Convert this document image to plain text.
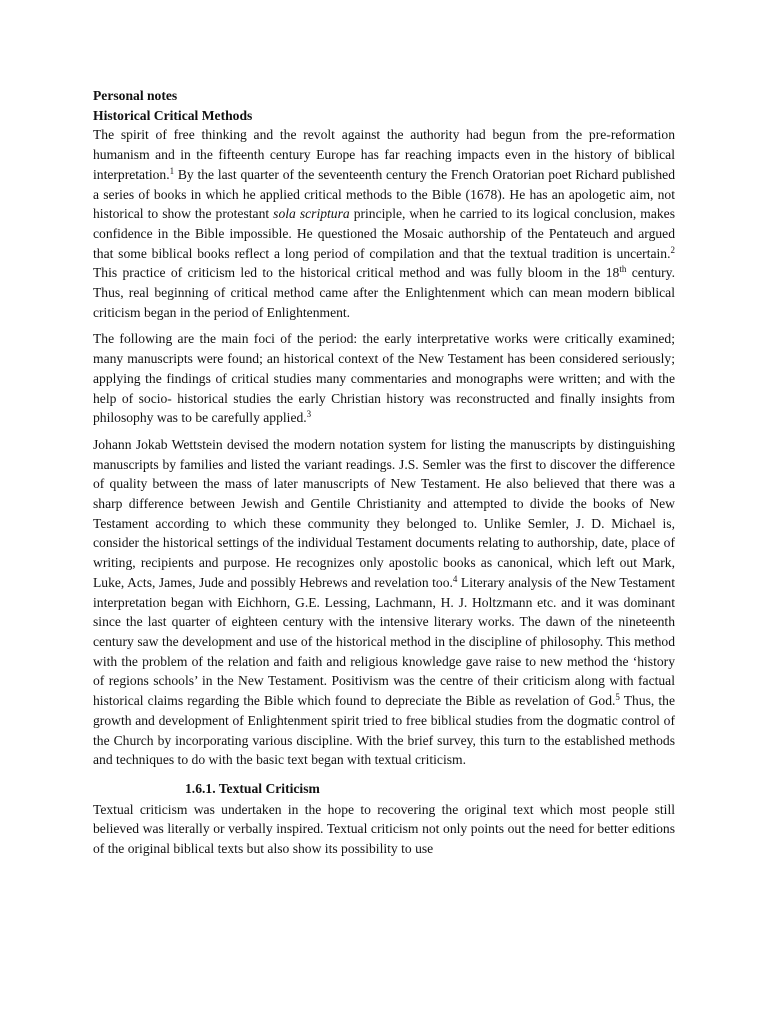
Personal notes
Historical Critical Methods

The spirit of free thinking and the revolt against the authority had begun from the pre-reformation humanism and in the fifteenth century Europe has far reaching impacts even in the history of biblical interpretation.$^1$ By the last quarter of the seventeenth century the French Oratorian poet Richard published a series of books in which he applied critical methods to the Bible (1678). He has an apologetic aim, not historical to show the protestant sola scriptura principle, when he carried to its logical conclusion, makes confidence in the Bible impossible. He questioned the Mosaic authorship of the Pentateuch and argued that some biblical books reflect a long period of compilation and that the textual tradition is uncertain.$^2$ This practice of criticism led to the historical critical method and was fully bloom in the 18th century. Thus, real beginning of critical method came after the Enlightenment which can mean modern biblical criticism began in the period of Enlightenment.

The following are the main foci of the period: the early interpretative works were critically examined; many manuscripts were found; an historical context of the New Testament has been considered seriously; applying the findings of critical studies many commentaries and monographs were written; and with the help of socio- historical studies the early Christian history was reconstructed and finally insights from philosophy was to be carefully applied.$^3$

Johann Jokab Wettstein devised the modern notation system for listing the manuscripts by distinguishing manuscripts by families and listed the variant readings. J.S. Semler was the first to discover the difference of quality between the mass of later manuscripts of New Testament. He also believed that there was a sharp difference between Jewish and Gentile Christianity and attempted to divide the books of New Testament according to which these community they belonged to. Unlike Semler, J. D. Michael is, consider the historical settings of the individual Testament documents relating to authorship, date, place of writing, recipients and purpose. He recognizes only apostolic books as canonical, which left out Mark, Luke, Acts, James, Jude and possibly Hebrews and revelation too.$^4$ Literary analysis of the New Testament interpretation began with Eichhorn, G.E. Lessing, Lachmann, H. J. Holtzmann etc. and it was dominant since the last quarter of eighteen century with the intensive literary works. The dawn of the nineteenth century saw the development and use of the historical method in the discipline of philosophy. This method with the problem of the relation and faith and religious knowledge gave raise to new method the ‘history of regions schools’ in the New Testament. Positivism was the centre of their criticism along with factual historical claims regarding the Bible which found to depreciate the Bible as revelation of God.$^5$ Thus, the growth and development of Enlightenment spirit tried to free biblical studies from the dogmatic control of the Church by incorporating various discipline. With the brief survey, this turn to the established methods and techniques to do with the basic text began with textual criticism.

1.6.1. Textual Criticism

Textual criticism was undertaken in the hope to recovering the original text which most people still believed was literally or verbally inspired. Textual criticism not only points out the need for better editions of the original biblical texts but also show its possibility to use
